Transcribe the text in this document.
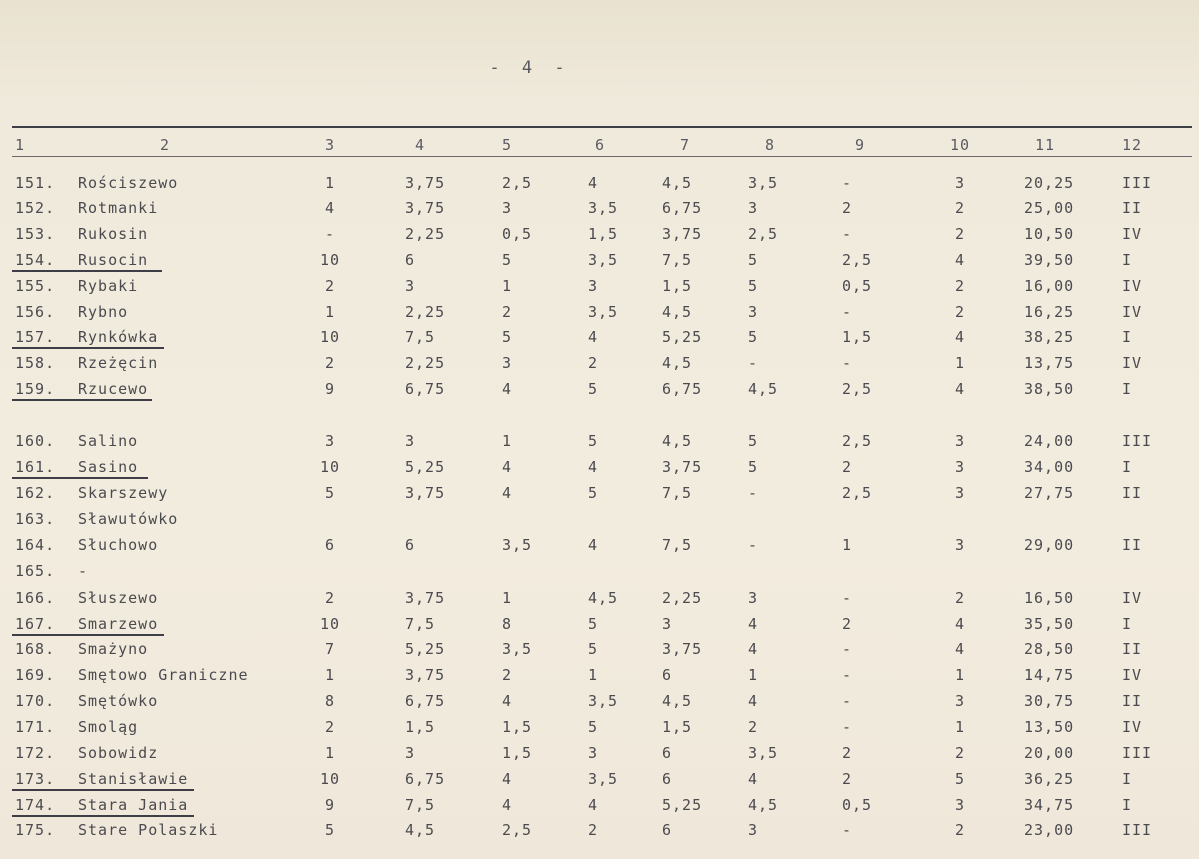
- 4 -
1	2	3	4	5	6	7	8	9	10	11	12
151.	Rościszewo	1	3,75	2,5	4	4,5	3,5	-	3	20,25	III
152.	Rotmanki	4	3,75	3	3,5	6,75	3	2	2	25,00	II
153.	Rukosin	-	2,25	0,5	1,5	3,75	2,5	-	2	10,50	IV
154.	Rusocin	10	6	5	3,5	7,5	5	2,5	4	39,50	I
155.	Rybaki	2	3	1	3	1,5	5	0,5	2	16,00	IV
156.	Rybno	1	2,25	2	3,5	4,5	3	-	2	16,25	IV
157.	Rynkówka	10	7,5	5	4	5,25	5	1,5	4	38,25	I
158.	Rzeżęcin	2	2,25	3	2	4,5	-	-	1	13,75	IV
159.	Rzucewo	9	6,75	4	5	6,75	4,5	2,5	4	38,50	I
160.	Salino	3	3	1	5	4,5	5	2,5	3	24,00	III
161.	Sasino	10	5,25	4	4	3,75	5	2	3	34,00	I
162.	Skarszewy	5	3,75	4	5	7,5	-	2,5	3	27,75	II
163.	Sławutówko
164.	Słuchowo	6	6	3,5	4	7,5	-	1	3	29,00	II
165.	-
166.	Słuszewo	2	3,75	1	4,5	2,25	3	-	2	16,50	IV
167.	Smarzewo	10	7,5	8	5	3	4	2	4	35,50	I
168.	Smażyno	7	5,25	3,5	5	3,75	4	-	4	28,50	II
169.	Smętowo Graniczne	1	3,75	2	1	6	1	-	1	14,75	IV
170.	Smętówko	8	6,75	4	3,5	4,5	4	-	3	30,75	II
171.	Smoląg	2	1,5	1,5	5	1,5	2	-	1	13,50	IV
172.	Sobowidz	1	3	1,5	3	6	3,5	2	2	20,00	III
173.	Stanisławie	10	6,75	4	3,5	6	4	2	5	36,25	I
174.	Stara Jania	9	7,5	4	4	5,25	4,5	0,5	3	34,75	I
175.	Stare Polaszki	5	4,5	2,5	2	6	3	-	2	23,00	III
